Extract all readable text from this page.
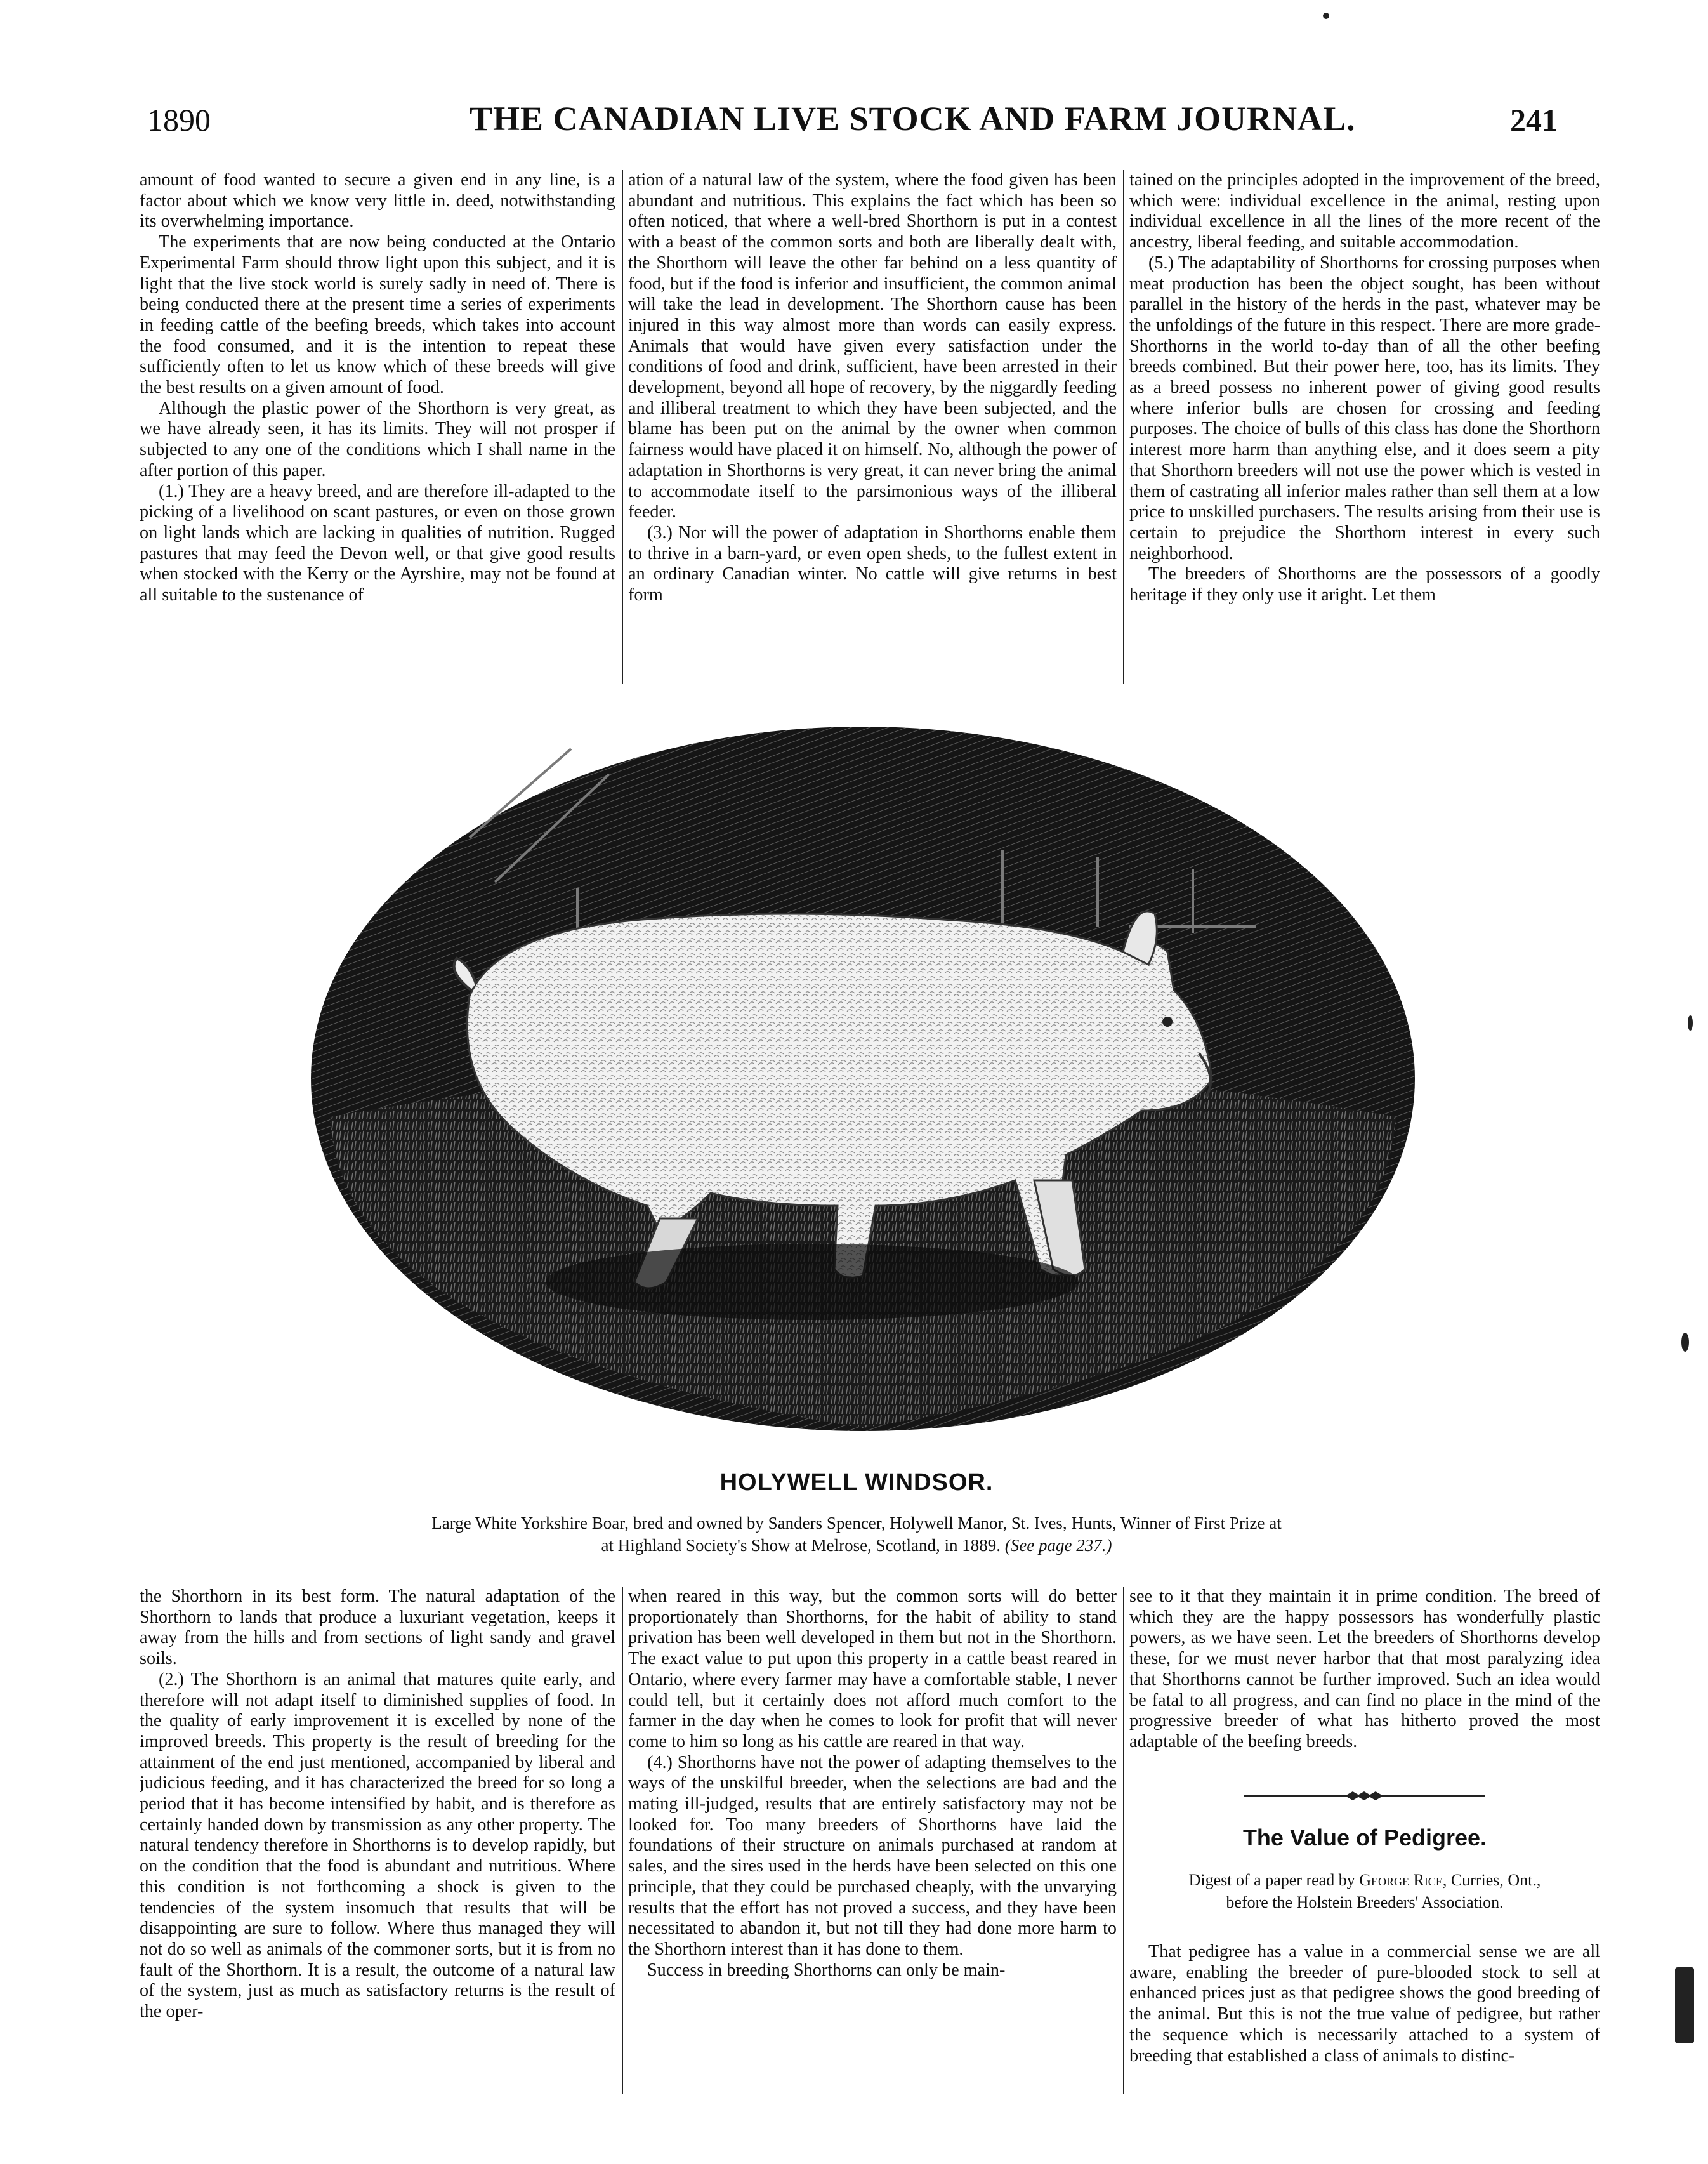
1890	THE CANADIAN LIVE STOCK AND FARM JOURNAL.	241

amount of food wanted to secure a given end in any line, is a factor about which we know very little in. deed, notwithstanding its overwhelming importance.

The experiments that are now being conducted at the Ontario Experimental Farm should throw light upon this subject, and it is light that the live stock world is surely sadly in need of. There is being conducted there at the present time a series of experiments in feeding cattle of the beefing breeds, which takes into account the food consumed, and it is the intention to repeat these sufficiently often to let us know which of these breeds will give the best results on a given amount of food.

Although the plastic power of the Shorthorn is very great, as we have already seen, it has its limits. They will not prosper if subjected to any one of the conditions which I shall name in the after portion of this paper.

(1.) They are a heavy breed, and are therefore ill-adapted to the picking of a livelihood on scant pastures, or even on those grown on light lands which are lacking in qualities of nutrition. Rugged pastures that may feed the Devon well, or that give good results when stocked with the Kerry or the Ayrshire, may not be found at all suitable to the sustenance of

ation of a natural law of the system, where the food given has been abundant and nutritious. This explains the fact which has been so often noticed, that where a well-bred Shorthorn is put in a contest with a beast of the common sorts and both are liberally dealt with, the Shorthorn will leave the other far behind on a less quantity of food, but if the food is inferior and insufficient, the common animal will take the lead in development. The Shorthorn cause has been injured in this way almost more than words can easily express. Animals that would have given every satisfaction under the conditions of food and drink, sufficient, have been arrested in their development, beyond all hope of recovery, by the niggardly feeding and illiberal treatment to which they have been subjected, and the blame has been put on the animal by the owner when common fairness would have placed it on himself. No, although the power of adaptation in Shorthorns is very great, it can never bring the animal to accommodate itself to the parsimonious ways of the illiberal feeder.

(3.) Nor will the power of adaptation in Shorthorns enable them to thrive in a barn-yard, or even open sheds, to the fullest extent in an ordinary Canadian winter. No cattle will give returns in best form

tained on the principles adopted in the improvement of the breed, which were: individual excellence in the animal, resting upon individual excellence in all the lines of the more recent of the ancestry, liberal feeding, and suitable accommodation.

(5.) The adaptability of Shorthorns for crossing purposes when meat production has been the object sought, has been without parallel in the history of the herds in the past, whatever may be the unfoldings of the future in this respect. There are more grade-Shorthorns in the world to-day than of all the other beefing breeds combined. But their power here, too, has its limits. They as a breed possess no inherent power of giving good results where inferior bulls are chosen for crossing and feeding purposes. The choice of bulls of this class has done the Shorthorn interest more harm than anything else, and it does seem a pity that Shorthorn breeders will not use the power which is vested in them of castrating all inferior males rather than sell them at a low price to unskilled purchasers. The results arising from their use is certain to prejudice the Shorthorn interest in every such neighborhood.

The breeders of Shorthorns are the possessors of a goodly heritage if they only use it aright. Let them

HOLYWELL WINDSOR.
Large White Yorkshire Boar, bred and owned by Sanders Spencer, Holywell Manor, St. Ives, Hunts, Winner of First Prize at
at Highland Society's Show at Melrose, Scotland, in 1889. (See page 237.)

the Shorthorn in its best form. The natural adaptation of the Shorthorn to lands that produce a luxuriant vegetation, keeps it away from the hills and from sections of light sandy and gravel soils.

(2.) The Shorthorn is an animal that matures quite early, and therefore will not adapt itself to diminished supplies of food. In the quality of early improvement it is excelled by none of the improved breeds. This property is the result of breeding for the attainment of the end just mentioned, accompanied by liberal and judicious feeding, and it has characterized the breed for so long a period that it has become intensified by habit, and is therefore as certainly handed down by transmission as any other property. The natural tendency therefore in Shorthorns is to develop rapidly, but on the condition that the food is abundant and nutritious. Where this condition is not forthcoming a shock is given to the tendencies of the system insomuch that results that will be disappointing are sure to follow. Where thus managed they will not do so well as animals of the commoner sorts, but it is from no fault of the Shorthorn. It is a result, the outcome of a natural law of the system, just as much as satisfactory returns is the result of the oper-

when reared in this way, but the common sorts will do better proportionately than Shorthorns, for the habit of ability to stand privation has been well developed in them but not in the Shorthorn. The exact value to put upon this property in a cattle beast reared in Ontario, where every farmer may have a comfortable stable, I never could tell, but it certainly does not afford much comfort to the farmer in the day when he comes to look for profit that will never come to him so long as his cattle are reared in that way.

(4.) Shorthorns have not the power of adapting themselves to the ways of the unskilful breeder, when the selections are bad and the mating ill-judged, results that are entirely satisfactory may not be looked for. Too many breeders of Shorthorns have laid the foundations of their structure on animals purchased at random at sales, and the sires used in the herds have been selected on this one principle, that they could be purchased cheaply, with the unvarying results that the effort has not proved a success, and they have been necessitated to abandon it, but not till they had done more harm to the Shorthorn interest than it has done to them.

Success in breeding Shorthorns can only be main-

see to it that they maintain it in prime condition. The breed of which they are the happy possessors has wonderfully plastic powers, as we have seen. Let the breeders of Shorthorns develop these, for we must never harbor that that most paralyzing idea that Shorthorns cannot be further improved. Such an idea would be fatal to all progress, and can find no place in the mind of the progressive breeder of what has hitherto proved the most adaptable of the beefing breeds.

The Value of Pedigree.
Digest of a paper read by George Rice, Curries, Ont.,
before the Holstein Breeders' Association.

That pedigree has a value in a commercial sense we are all aware, enabling the breeder of pure-blooded stock to sell at enhanced prices just as that pedigree shows the good breeding of the animal. But this is not the true value of pedigree, but rather the sequence which is necessarily attached to a system of breeding that established a class of animals to distinc-
